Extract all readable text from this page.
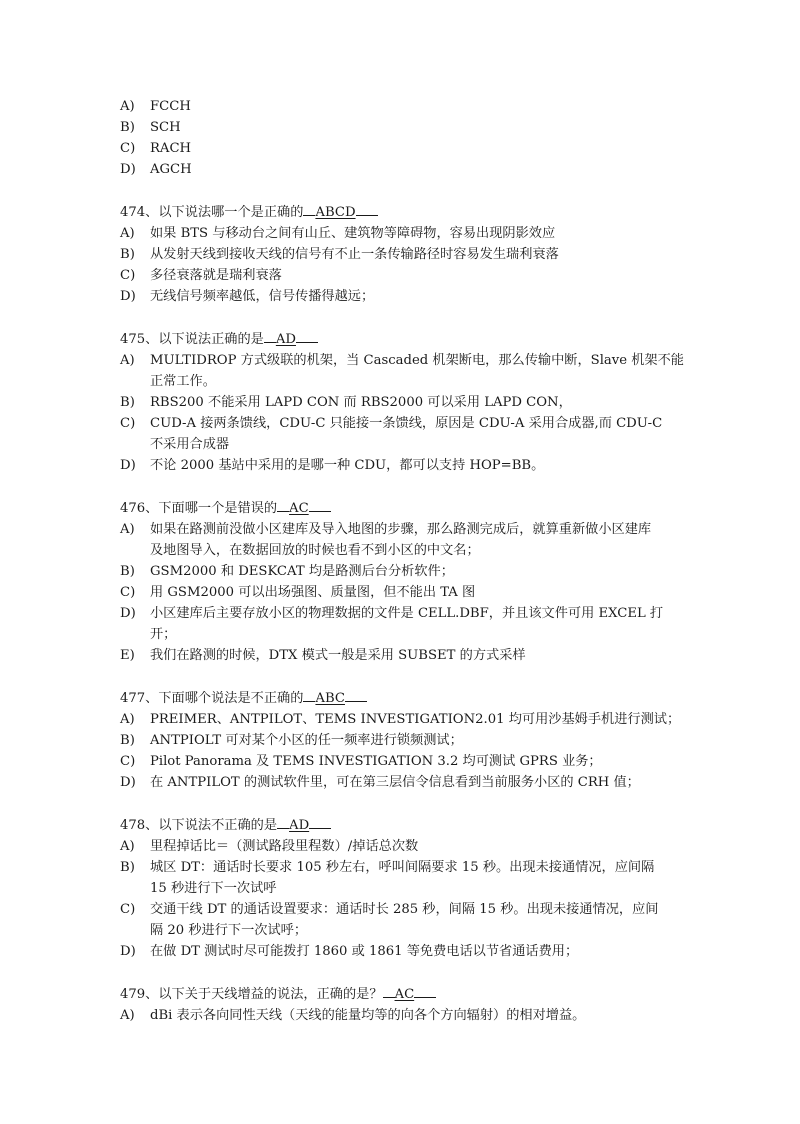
A)	FCCH
B)	SCH
C)	RACH
D)	AGCH
474、以下说法哪一个是正确的 ABCD
A)	如果 BTS 与移动台之间有山丘、建筑物等障碍物，容易出现阴影效应
B)	从发射天线到接收天线的信号有不止一条传输路径时容易发生瑞利衰落
C)	多径衰落就是瑞利衰落
D)	无线信号频率越低，信号传播得越远；
475、以下说法正确的是 AD
A)	MULTIDROP 方式级联的机架，当 Cascaded 机架断电，那么传输中断，Slave 机架不能
正常工作。
B)	RBS200 不能采用 LAPD CON 而 RBS2000 可以采用 LAPD CON，
C)	CUD-A 接两条馈线，CDU-C 只能接一条馈线，原因是 CDU-A 采用合成器,而 CDU-C
不采用合成器
D)	不论 2000 基站中采用的是哪一种 CDU，都可以支持 HOP=BB。
476、下面哪一个是错误的 AC
A)	如果在路测前没做小区建库及导入地图的步骤，那么路测完成后，就算重新做小区建库
及地图导入，在数据回放的时候也看不到小区的中文名；
B)	GSM2000 和 DESKCAT 均是路测后台分析软件；
C)	用 GSM2000 可以出场强图、质量图，但不能出 TA 图
D)	小区建库后主要存放小区的物理数据的文件是 CELL.DBF，并且该文件可用 EXCEL 打
开；
E)	我们在路测的时候，DTX 模式一般是采用 SUBSET 的方式采样
477、下面哪个说法是不正确的 ABC
A)	PREIMER、ANTPILOT、TEMS INVESTIGATION2.01 均可用沙基姆手机进行测试；
B)	ANTPIOLT 可对某个小区的任一频率进行锁频测试；
C)	Pilot Panorama 及 TEMS INVESTIGATION 3.2 均可测试 GPRS 业务；
D)	在 ANTPILOT 的测试软件里，可在第三层信令信息看到当前服务小区的 CRH 值；
478、以下说法不正确的是 AD
A)	里程掉话比＝（测试路段里程数）/掉话总次数
B)	城区 DT：通话时长要求 105 秒左右，呼叫间隔要求 15 秒。出现未接通情况，应间隔
15 秒进行下一次试呼
C)	交通干线 DT 的通话设置要求：通话时长 285 秒，间隔 15 秒。出现未接通情况，应间
隔 20 秒进行下一次试呼；
D)	在做 DT 测试时尽可能拨打 1860 或 1861 等免费电话以节省通话费用；
479、以下关于天线增益的说法，正确的是？ AC
A)	dBi 表示各向同性天线（天线的能量均等的向各个方向辐射）的相对增益。
